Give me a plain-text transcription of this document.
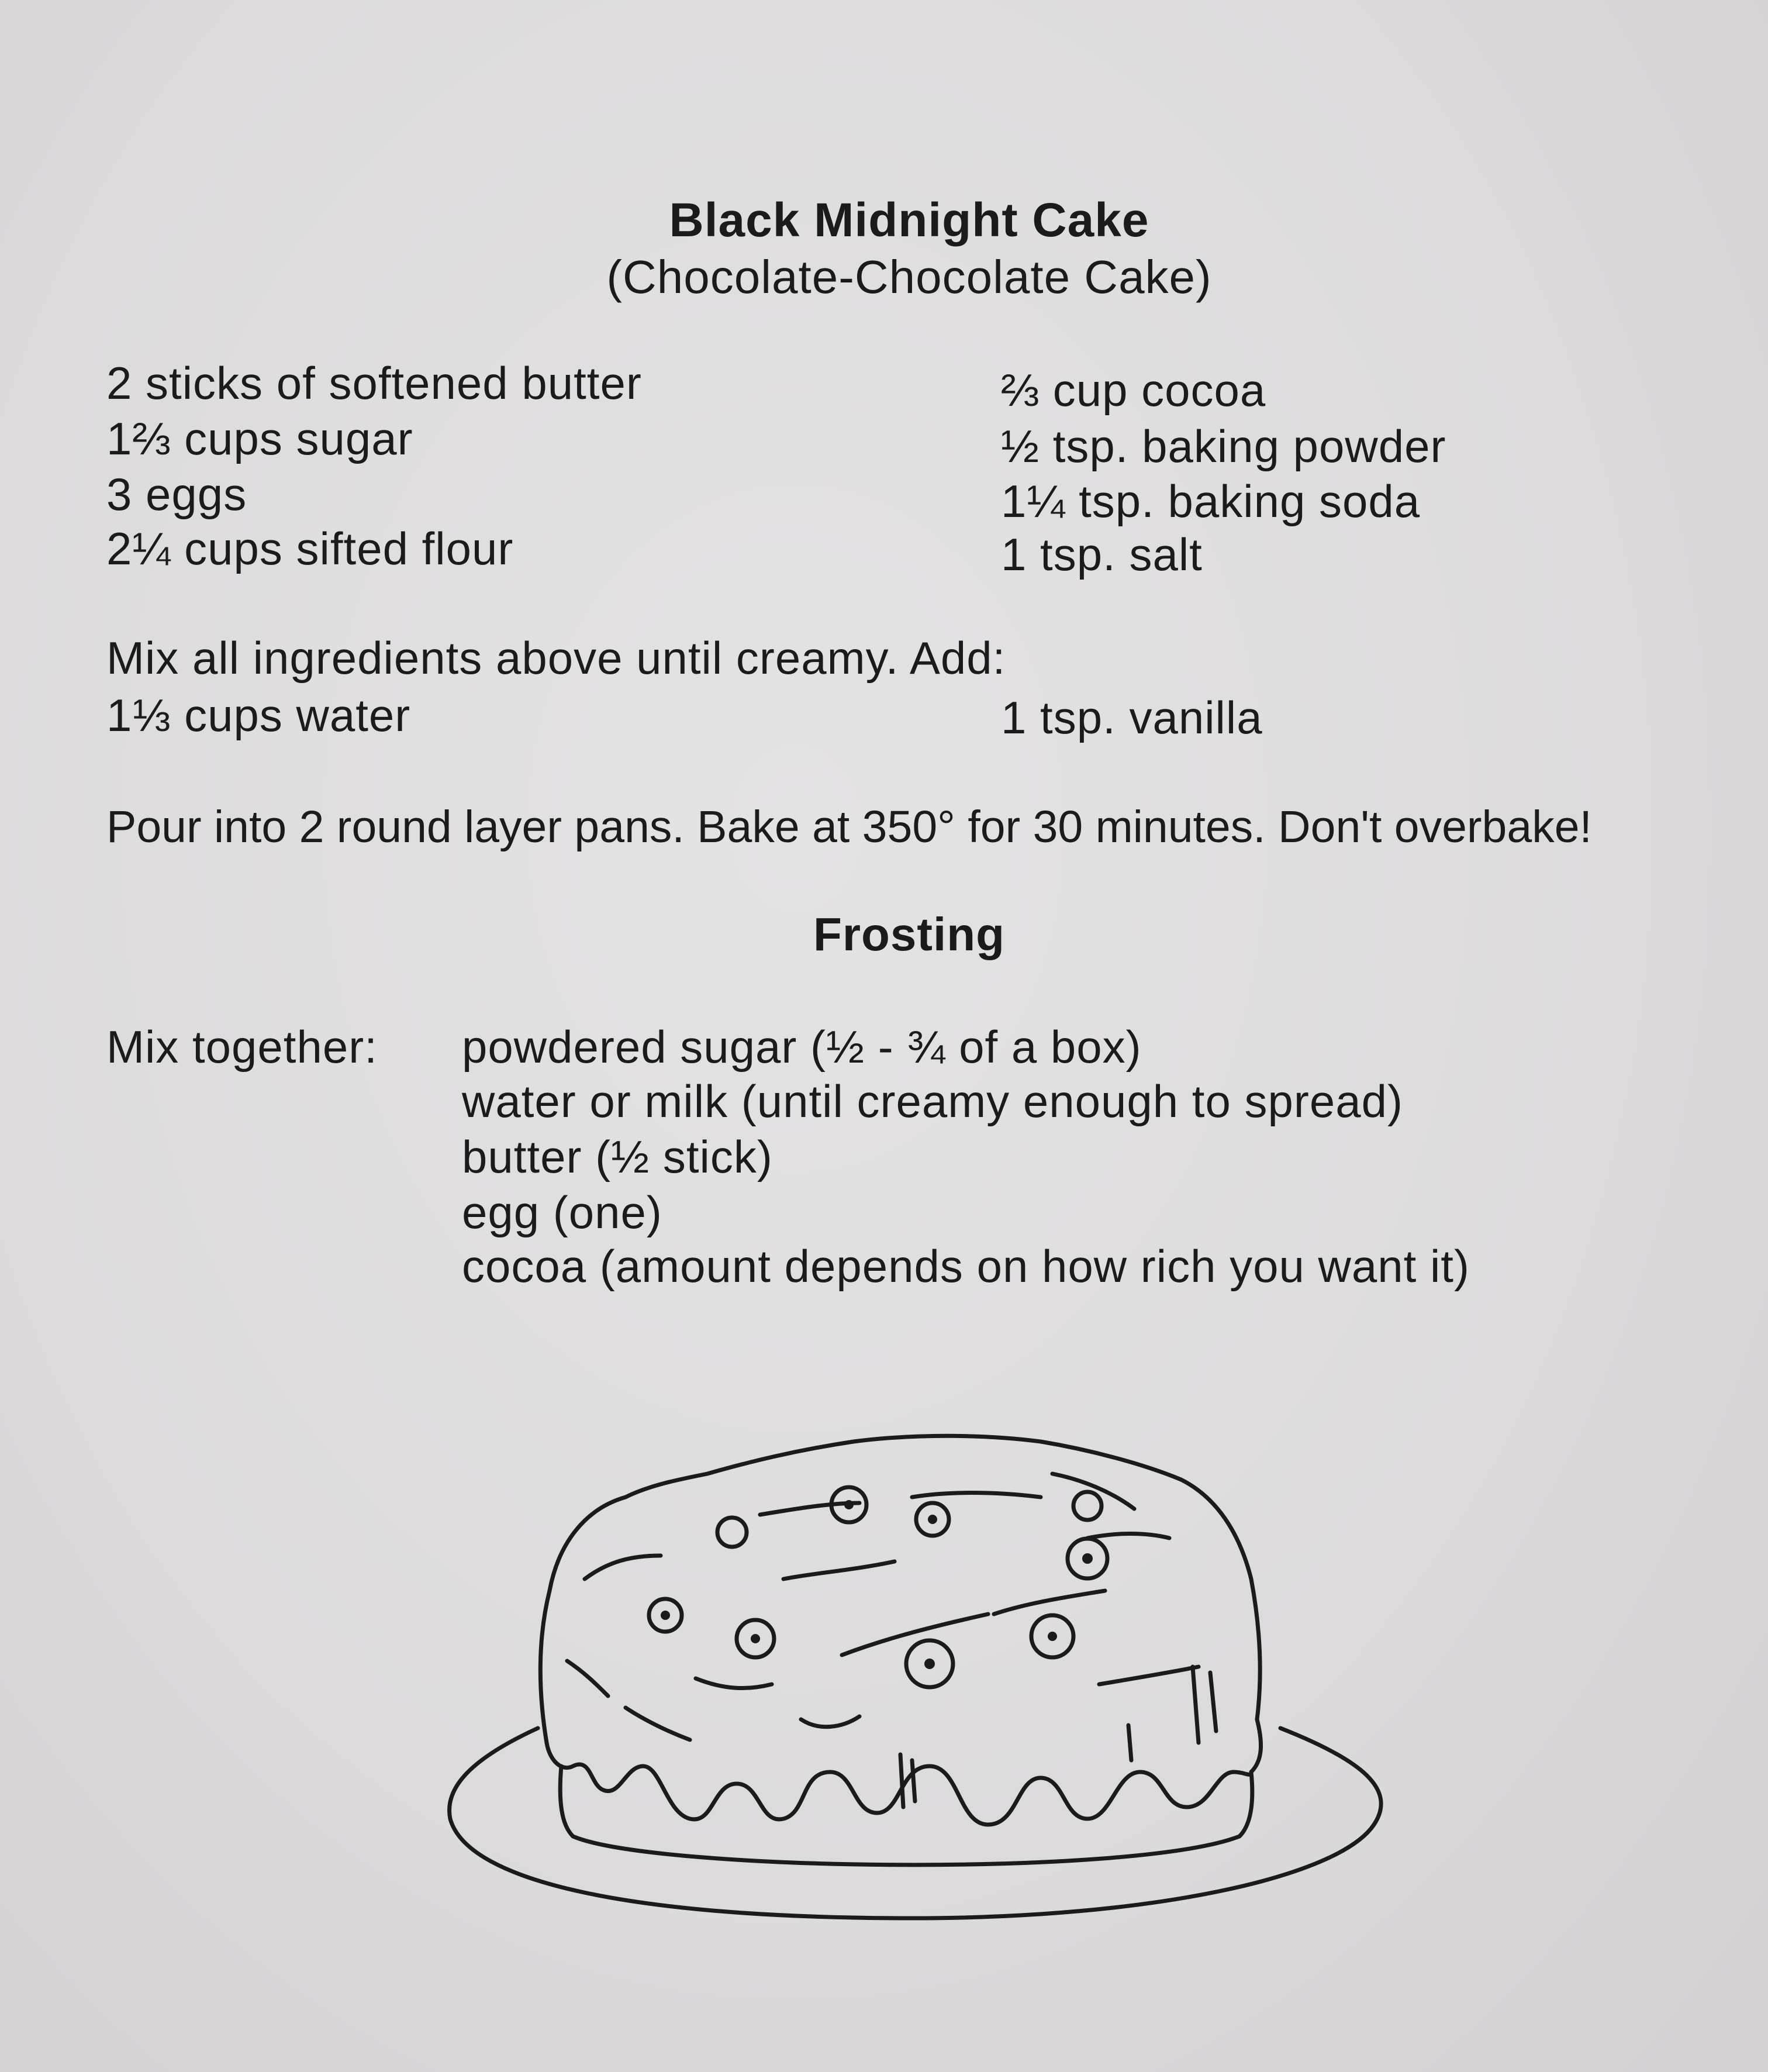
Black Midnight Cake
(Chocolate-Chocolate Cake)
2 sticks of softened butter
1⅔ cups sugar
3 eggs
2¼ cups sifted flour
⅔ cup cocoa
½ tsp. baking powder
1¼ tsp. baking soda
1 tsp. salt
Mix all ingredients above until creamy. Add:
1⅓ cups water	1 tsp. vanilla
Pour into 2 round layer pans. Bake at 350° for 30 minutes. Don't overbake!
Frosting
Mix together: powdered sugar (½ - ¾ of a box)
water or milk (until creamy enough to spread)
butter (½ stick)
egg (one)
cocoa (amount depends on how rich you want it)
